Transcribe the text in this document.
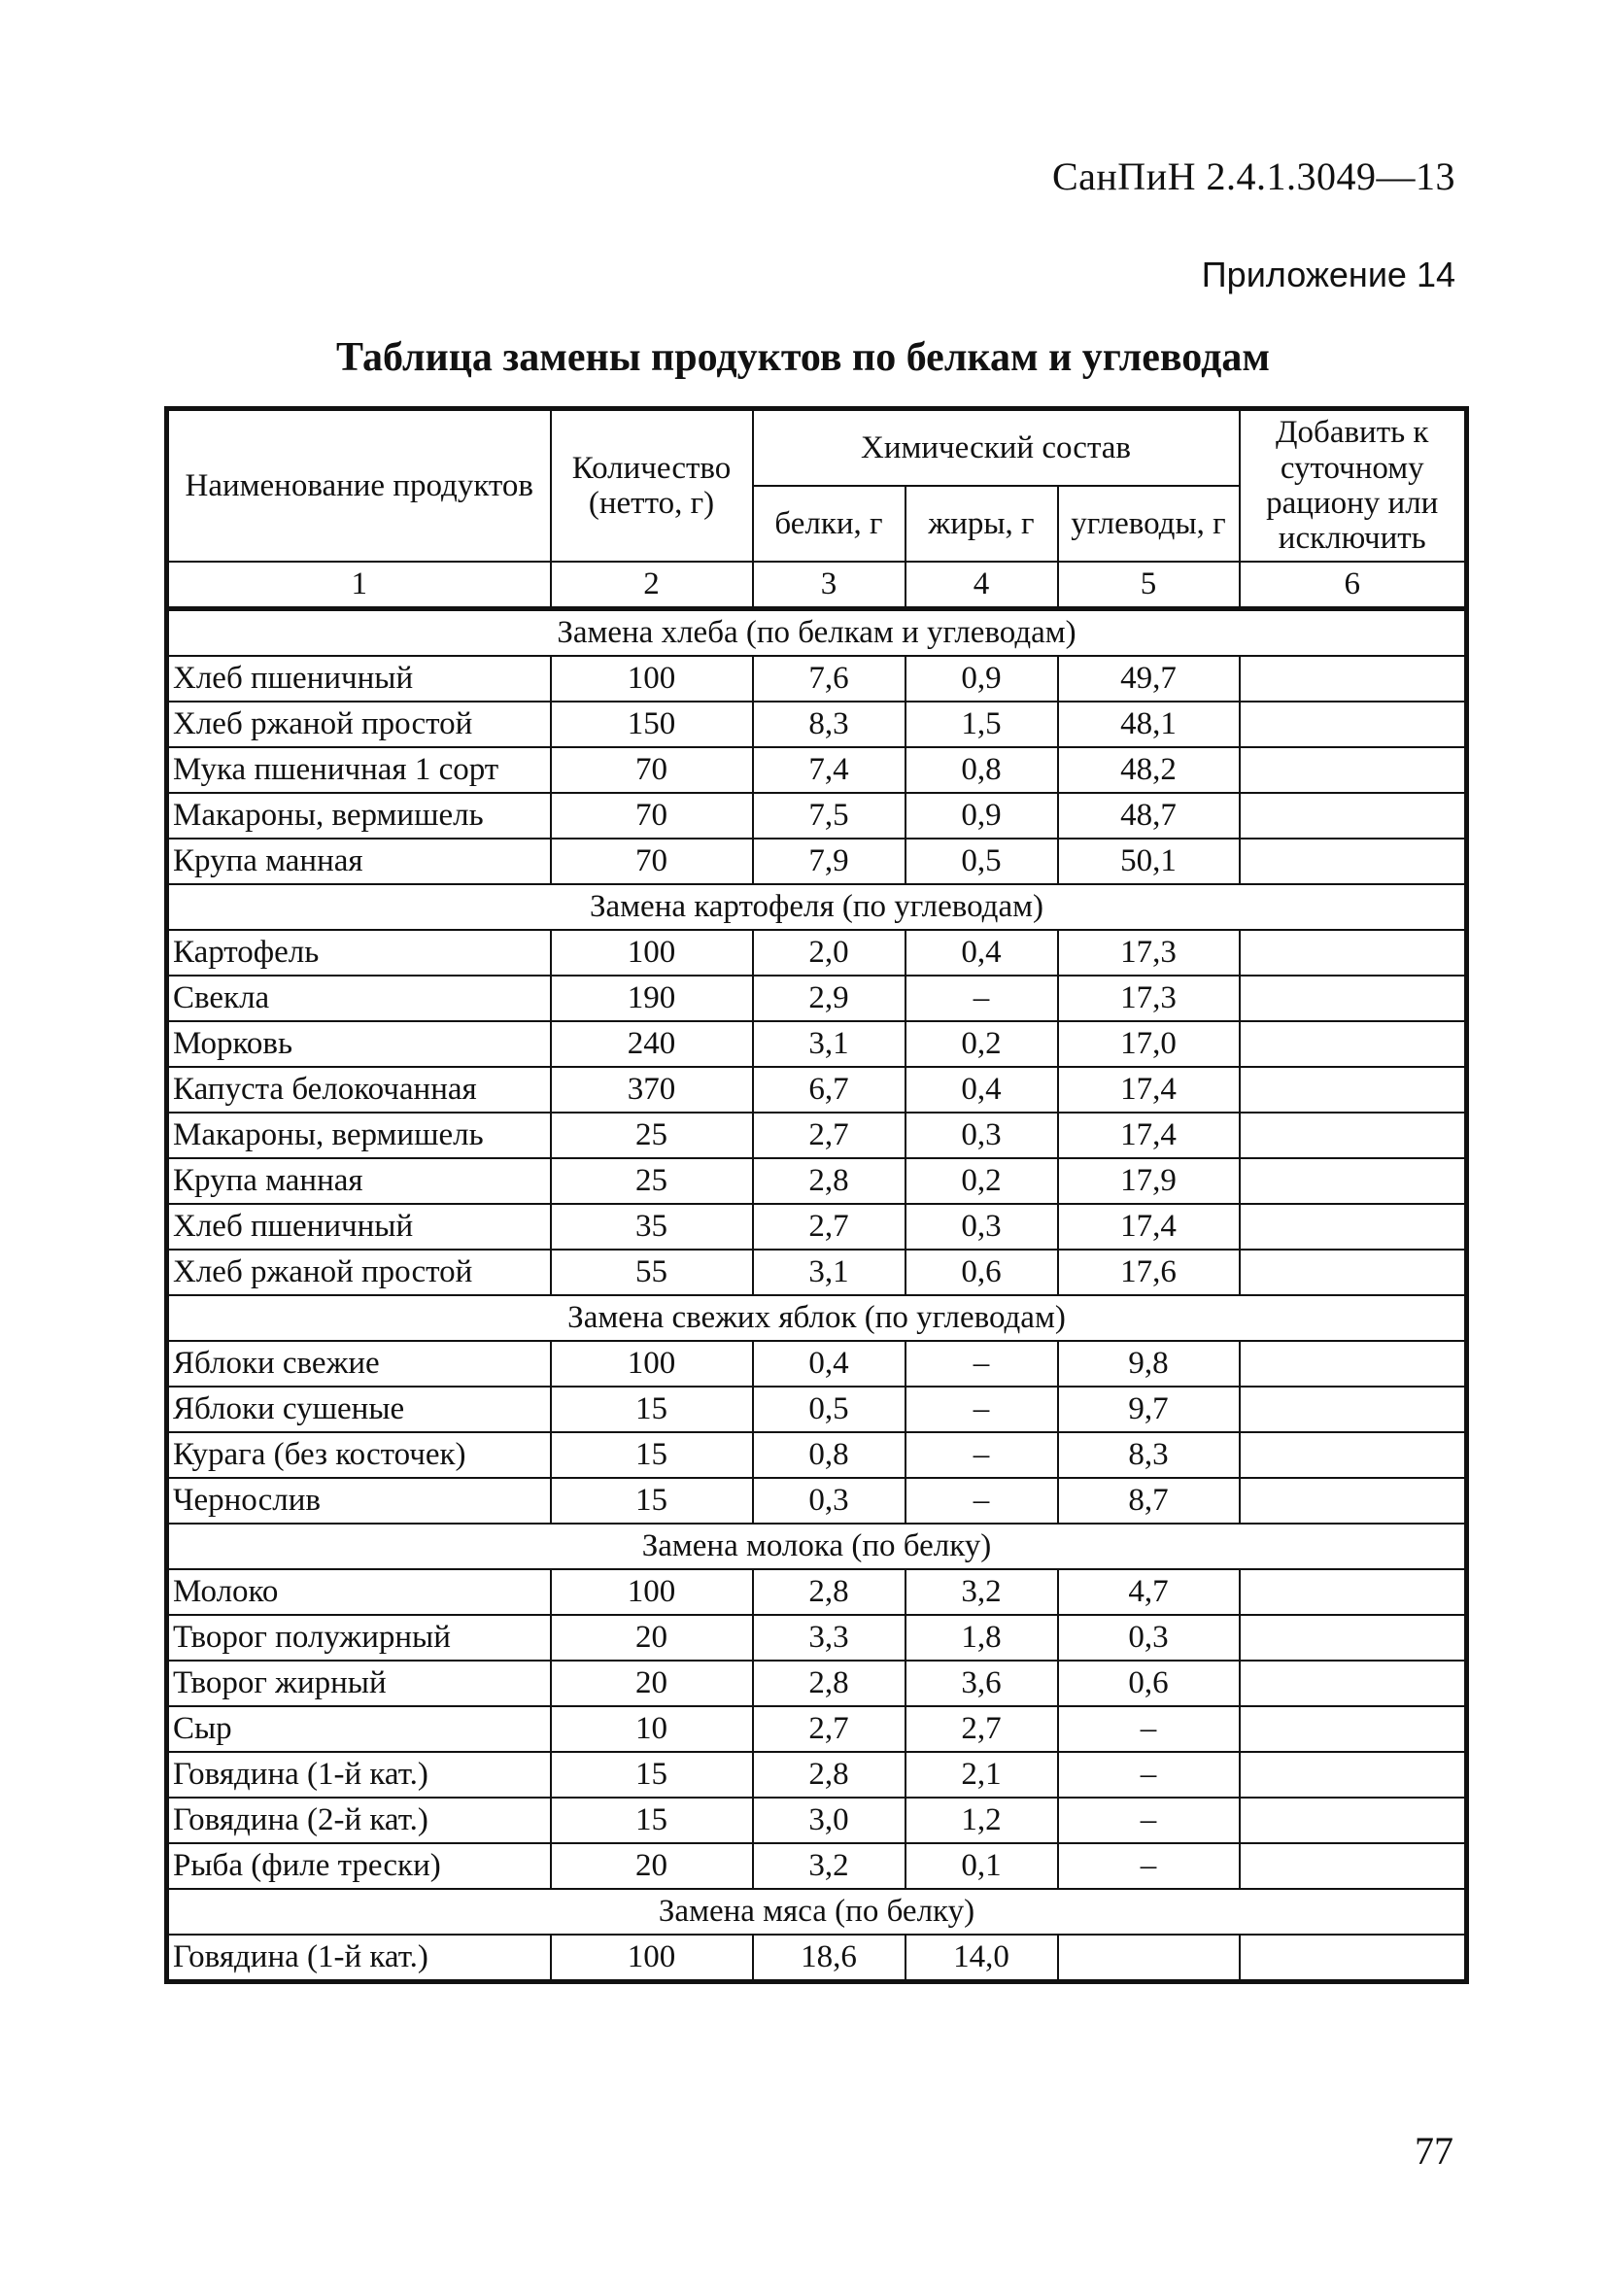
СанПиН 2.4.1.3049—13
Приложение 14
Таблица замены продуктов по белкам и углеводам
Наименование продуктов	Количество (нетто, г)	Химический состав			Добавить к суточному рациону или исключить
		белки, г	жиры, г	углеводы, г	
1	2	3	4	5	6
Замена хлеба (по белкам и углеводам)					
Хлеб пшеничный	100	7,6	0,9	49,7	
Хлеб ржаной простой	150	8,3	1,5	48,1	
Мука пшеничная 1 сорт	70	7,4	0,8	48,2	
Макароны, вермишель	70	7,5	0,9	48,7	
Крупа манная	70	7,9	0,5	50,1	
Замена картофеля (по углеводам)					
Картофель	100	2,0	0,4	17,3	
Свекла	190	2,9	–	17,3	
Морковь	240	3,1	0,2	17,0	
Капуста белокочанная	370	6,7	0,4	17,4	
Макароны, вермишель	25	2,7	0,3	17,4	
Крупа манная	25	2,8	0,2	17,9	
Хлеб пшеничный	35	2,7	0,3	17,4	
Хлеб ржаной простой	55	3,1	0,6	17,6	
Замена свежих яблок (по углеводам)					
Яблоки свежие	100	0,4	–	9,8	
Яблоки сушеные	15	0,5	–	9,7	
Курага (без косточек)	15	0,8	–	8,3	
Чернослив	15	0,3	–	8,7	
Замена молока (по белку)					
Молоко	100	2,8	3,2	4,7	
Творог полужирный	20	3,3	1,8	0,3	
Творог жирный	20	2,8	3,6	0,6	
Сыр	10	2,7	2,7	–	
Говядина (1-й кат.)	15	2,8	2,1	–	
Говядина (2-й кат.)	15	3,0	1,2	–	
Рыба (филе трески)	20	3,2	0,1	–	
Замена мяса (по белку)					
Говядина (1-й кат.)	100	18,6	14,0		
77
